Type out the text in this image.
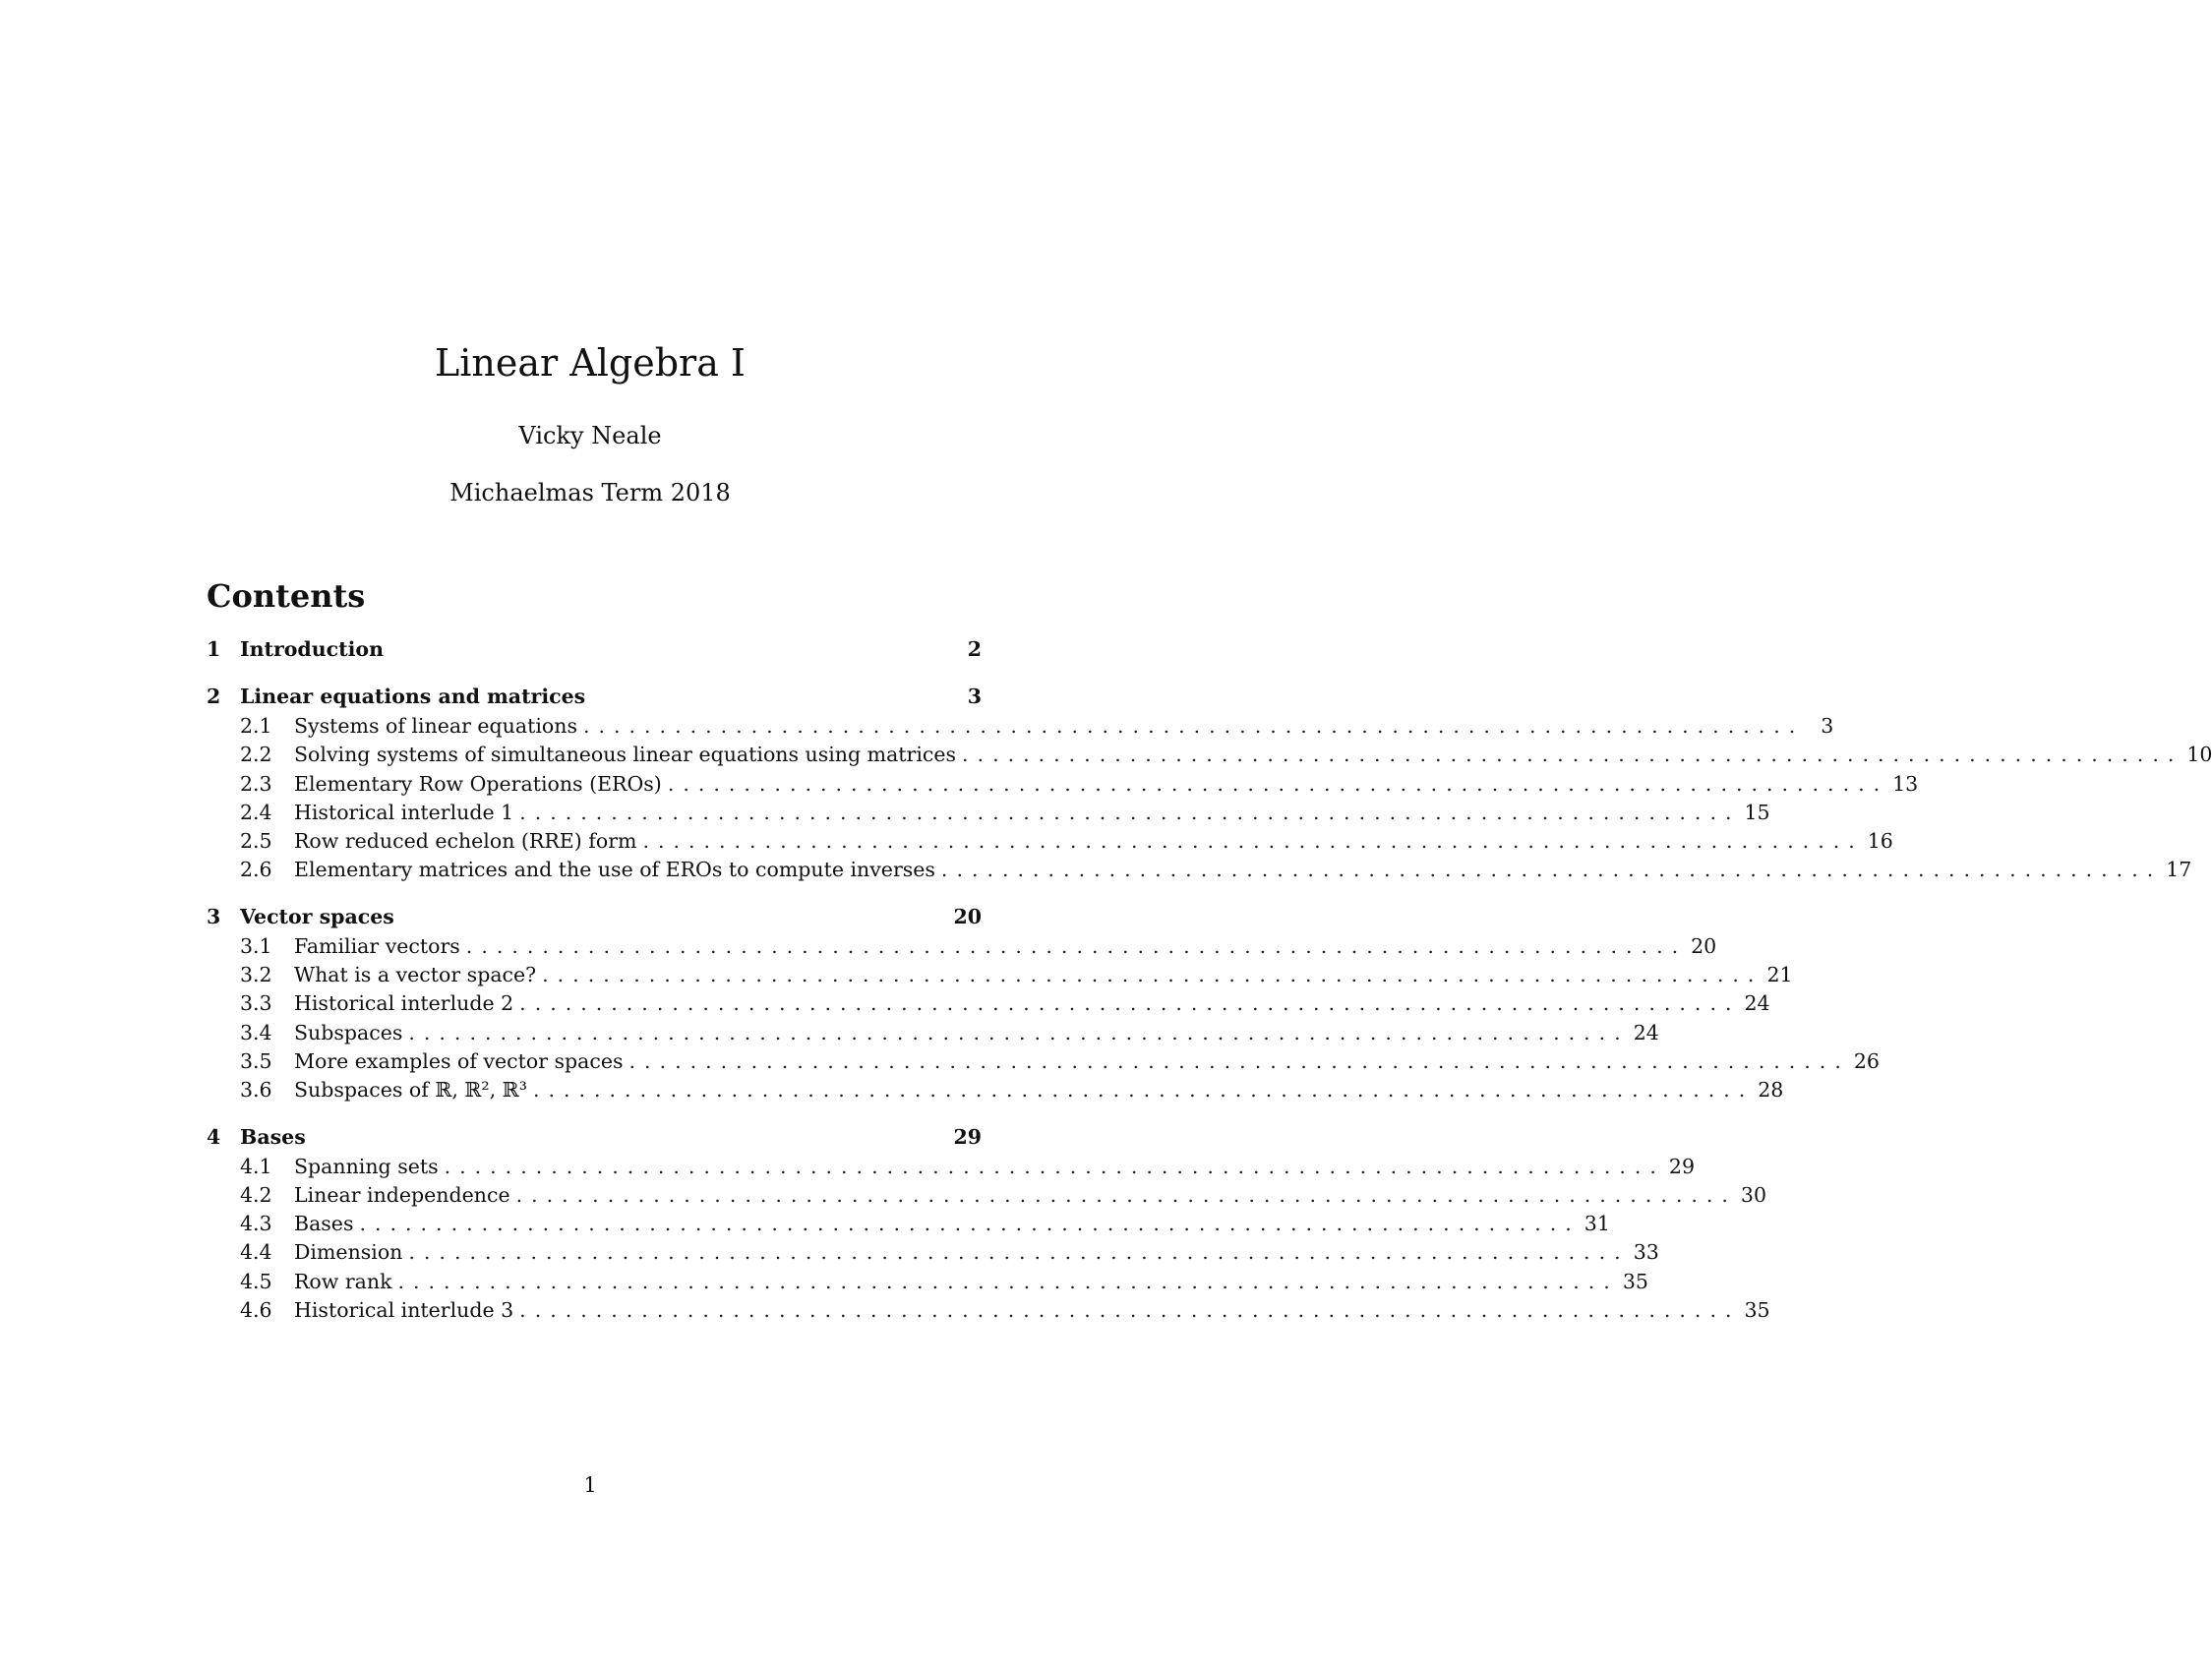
Linear Algebra I
Vicky Neale
Michaelmas Term 2018
Contents
1 Introduction	2
2 Linear equations and matrices	3
2.1	Systems of linear equations ................................................................................ 3
2.2	Solving systems of simultaneous linear equations using matrices ................................................................................ 10
2.3	Elementary Row Operations (EROs) ................................................................................ 13
2.4	Historical interlude 1 ................................................................................ 15
2.5	Row reduced echelon (RRE) form ................................................................................ 16
2.6	Elementary matrices and the use of EROs to compute inverses ................................................................................ 17
3 Vector spaces	20
3.1	Familiar vectors ................................................................................ 20
3.2	What is a vector space? ................................................................................ 21
3.3	Historical interlude 2 ................................................................................ 24
3.4	Subspaces ................................................................................ 24
3.5	More examples of vector spaces ................................................................................ 26
3.6	Subspaces of ℝ, ℝ², ℝ³ ................................................................................ 28
4 Bases	29
4.1	Spanning sets ................................................................................ 29
4.2	Linear independence ................................................................................ 30
4.3	Bases ................................................................................ 31
4.4	Dimension ................................................................................ 33
4.5	Row rank ................................................................................ 35
4.6	Historical interlude 3 ................................................................................ 35
1
